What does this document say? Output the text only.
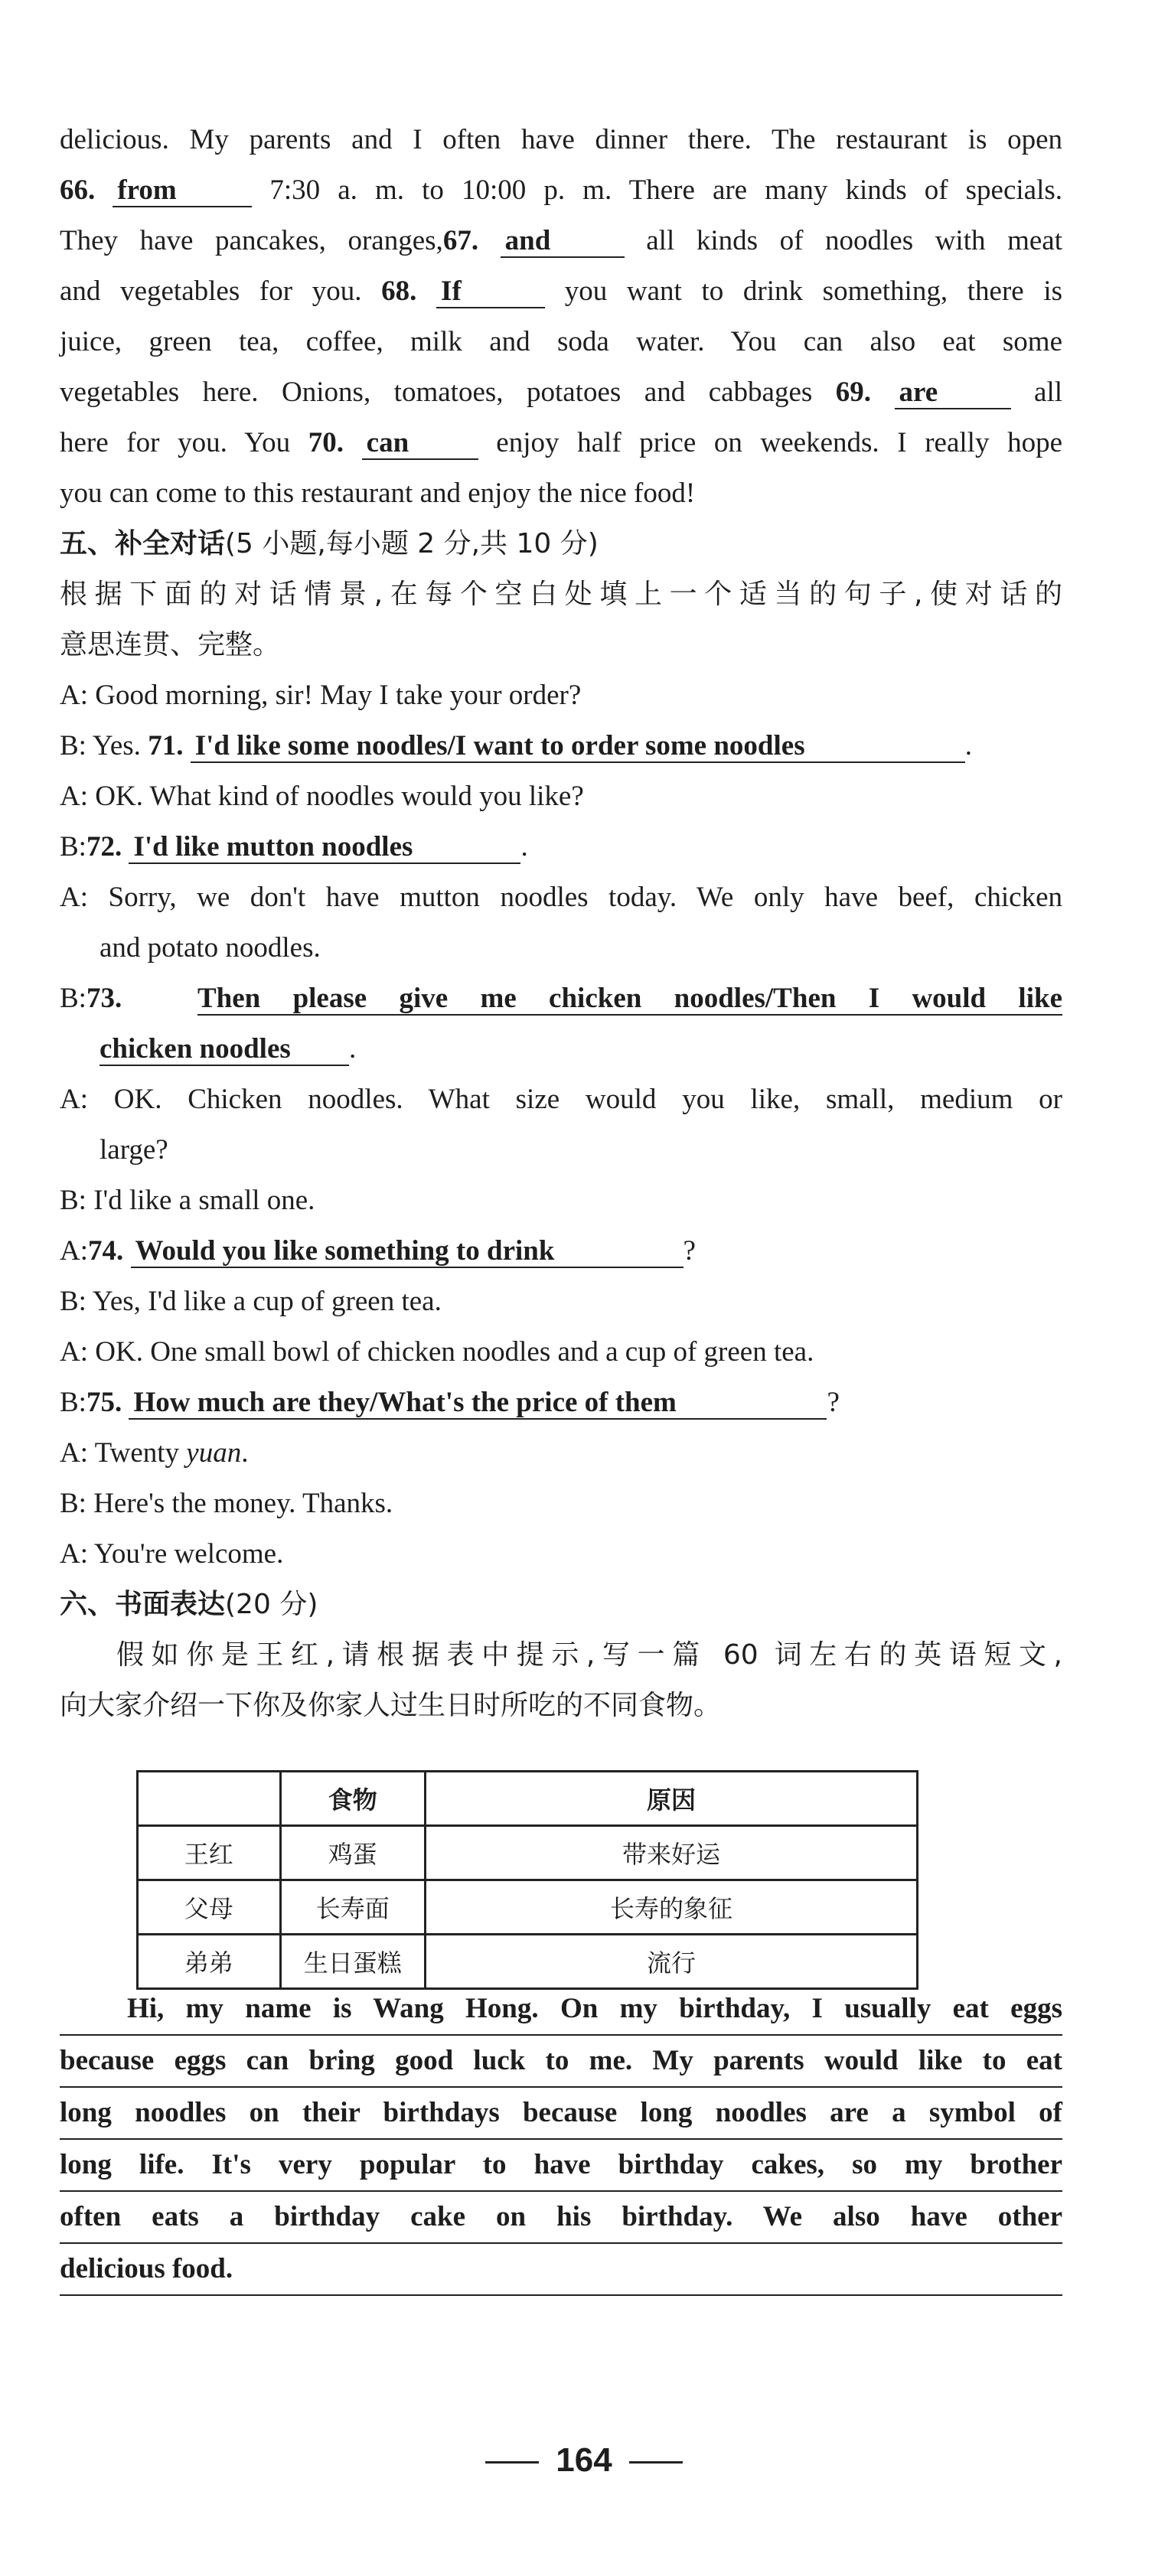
delicious. My parents and I often have dinner there. The restaurant is open
66. from	7:30 a. m. to 10:00 p. m. There are many kinds of specials.
They have pancakes, oranges,67. and	all kinds of noodles with meat
and vegetables for you. 68. If	you want to drink something, there is
juice, green tea, coffee, milk and soda water. You can also eat some
vegetables here. Onions, tomatoes, potatoes and cabbages 69. are	all
here for you. You 70. can	enjoy half price on weekends. I really hope
you can come to this restaurant and enjoy the nice food!
五、补全对话(5 小题,每小题 2 分,共 10 分)
根据下面的对话情景,在每个空白处填上一个适当的句子,使对话的
意思连贯、完整。
A: Good morning, sir! May I take your order?
B: Yes. 71. I'd like some noodles/I want to order some noodles	.
A: OK. What kind of noodles would you like?
B:72. I'd like mutton noodles	.
A: Sorry, we don't have mutton noodles today. We only have beef, chicken
and potato noodles.
B:73.	Then please give me chicken noodles/Then I would like
chicken noodles .
A: OK. Chicken noodles. What size would you like, small, medium or
large?
B: I'd like a small one.
A:74. Would you like something to drink	?
B: Yes, I'd like a cup of green tea.
A: OK. One small bowl of chicken noodles and a cup of green tea.
B:75. How much are they/What's the price of them	?
A: Twenty yuan.
B: Here's the money. Thanks.
A: You're welcome.
六、书面表达(20 分)
假如你是王红,请根据表中提示,写一篇 60 词左右的英语短文,
向大家介绍一下你及你家人过生日时所吃的不同食物。
Hi, my name is Wang Hong. On my birthday, I usually eat eggs
because eggs can bring good luck to me. My parents would like to eat
long noodles on their birthdays because long noodles are a symbol of
long life. It's very popular to have birthday cakes, so my brother
often eats a birthday cake on his birthday. We also have other
delicious food.
	食物	原因
王红	鸡蛋	带来好运
父母	长寿面	长寿的象征
弟弟	生日蛋糕	流行
164
